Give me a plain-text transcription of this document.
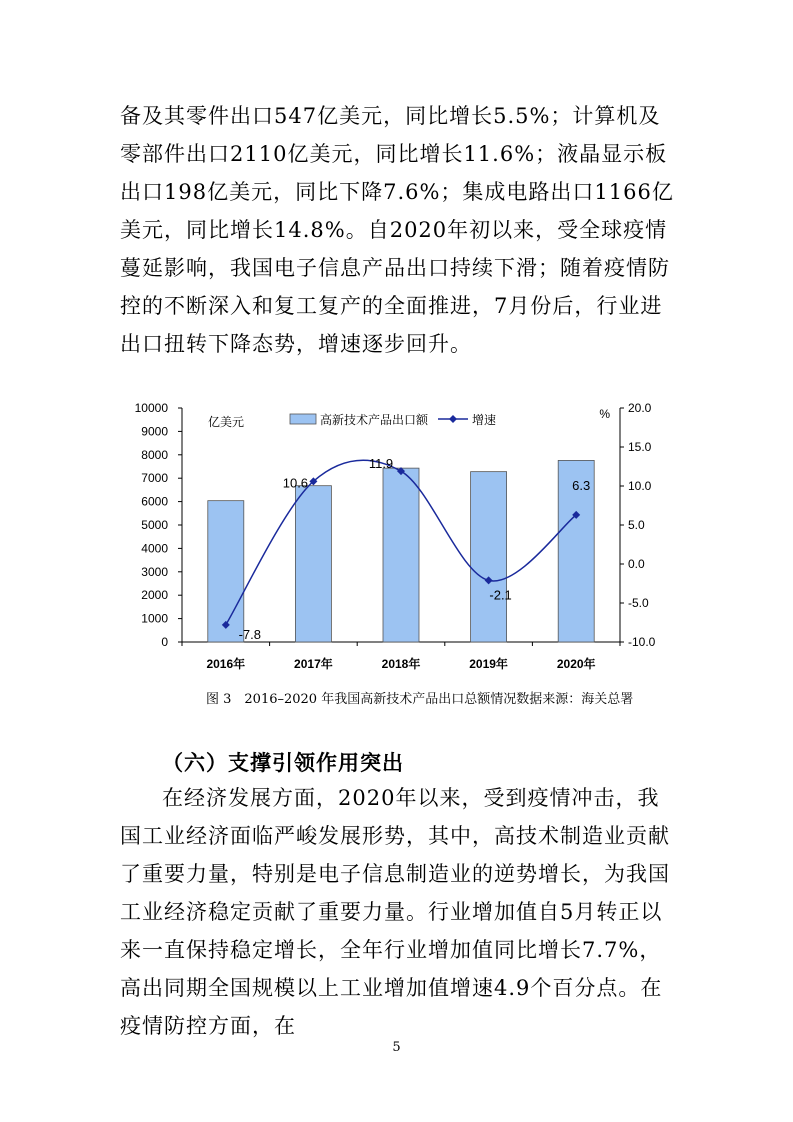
备及其零件出口547亿美元，同比增长5.5%；计算机及零部件出口2110亿美元，同比增长11.6%；液晶显示板出口198亿美元，同比下降7.6%；集成电路出口1166亿美元，同比增长14.8%。自2020年初以来，受全球疫情蔓延影响，我国电子信息产品出口持续下滑；随着疫情防控的不断深入和复工复产的全面推进，7月份后，行业进出口扭转下降态势，增速逐步回升。

0
1000
2000
3000
4000
5000
6000
7000
8000
9000
10000
-10.0
-5.0
0.0
5.0
10.0
15.0
20.0
2016年	2017年	2018年	2019年	2020年
-7.8
10.6
11.9
-2.1
6.3
亿美元
%
高新技术产品出口额	增速
图 3　2016–2020 年我国高新技术产品出口总额情况数据来源：海关总署
（六）支撑引领作用突出

在经济发展方面，2020年以来，受到疫情冲击，我国工业经济面临严峻发展形势，其中，高技术制造业贡献了重要力量，特别是电子信息制造业的逆势增长，为我国工业经济稳定贡献了重要力量。行业增加值自5月转正以来一直保持稳定增长，全年行业增加值同比增长7.7%，高出同期全国规模以上工业增加值增速4.9个百分点。在疫情防控方面，在

5
